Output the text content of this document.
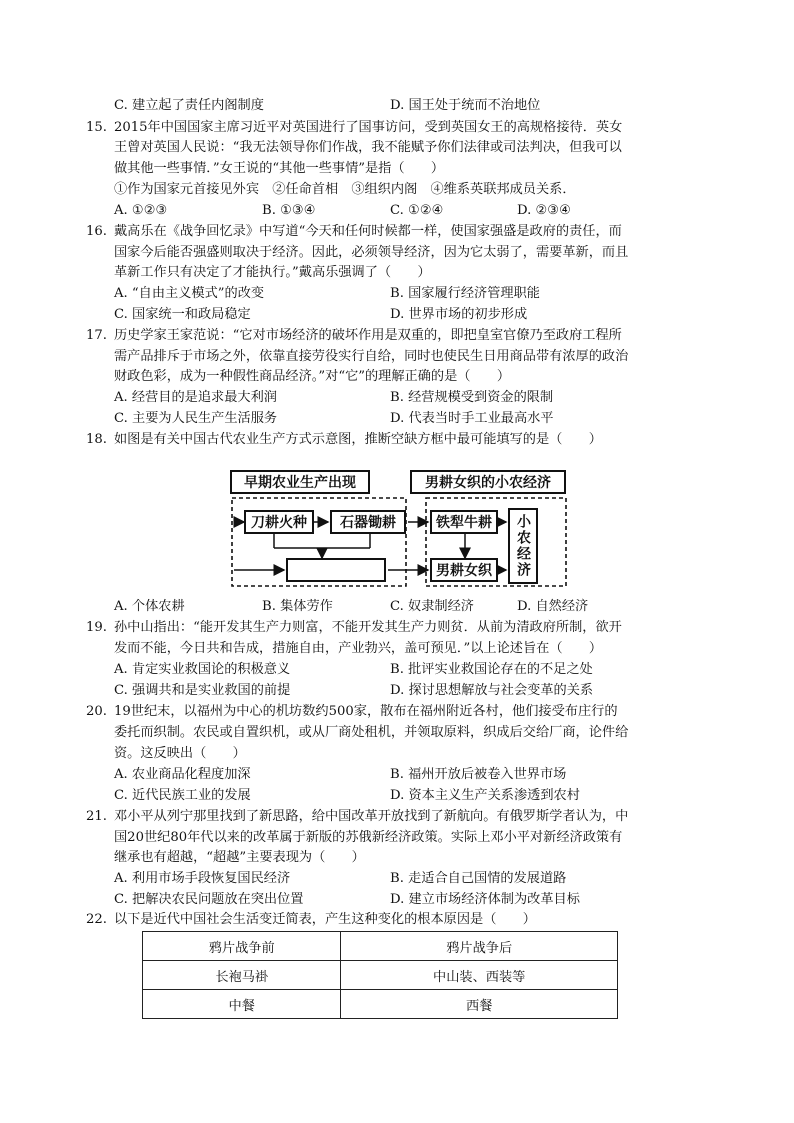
C. 建立起了责任内阁制度	D. 国王处于统而不治地位
15. 2015年中国国家主席习近平对英国进行了国事访问，受到英国女王的高规格接待．英女
王曾对英国人民说：“我无法领导你们作战，我不能赋予你们法律或司法判决，但我可以
做其他一些事情．”女王说的“其他一些事情”是指（　　）
①作为国家元首接见外宾　②任命首相　③组织内阁　④维系英联邦成员关系．
A. ①②③	B. ①③④	C. ①②④	D. ②③④
16. 戴高乐在《战争回忆录》中写道“今天和任何时候都一样，使国家强盛是政府的责任，而
国家今后能否强盛则取决于经济。因此，必须领导经济，因为它太弱了，需要革新，而且
革新工作只有决定了才能执行。”戴高乐强调了（　　）
A. “自由主义模式”的改变	B. 国家履行经济管理职能
C. 国家统一和政局稳定	D. 世界市场的初步形成
17. 历史学家王家范说：“它对市场经济的破坏作用是双重的，即把皇室官僚乃至政府工程所
需产品排斥于市场之外，依靠直接劳役实行自给，同时也使民生日用商品带有浓厚的政治
财政色彩，成为一种假性商品经济。”对“它”的理解正确的是（　　）
A. 经营目的是追求最大利润	B. 经营规模受到资金的限制
C. 主要为人民生产生活服务	D. 代表当时手工业最高水平
18. 如图是有关中国古代农业生产方式示意图，推断空缺方框中最可能填写的是（　　）
早期农业生产出现	男耕女织的小农经济
刀耕火种	石器锄耕	铁犁牛耕
男耕女织	小农经济
A. 个体农耕	B. 集体劳作	C. 奴隶制经济	D. 自然经济
19. 孙中山指出：“能开发其生产力则富，不能开发其生产力则贫．从前为清政府所制，欲开
发而不能，今日共和告成，措施自由，产业勃兴，盖可预见．”以上论述旨在（　　）
A. 肯定实业救国论的积极意义	B. 批评实业救国论存在的不足之处
C. 强调共和是实业救国的前提	D. 探讨思想解放与社会变革的关系
20. 19世纪末，以福州为中心的机坊数约500家，散布在福州附近各村，他们接受布庄行的
委托而织制。农民或自置织机，或从厂商处租机，并领取原料，织成后交给厂商，论件给
资。这反映出（　　）
A. 农业商品化程度加深	B. 福州开放后被卷入世界市场
C. 近代民族工业的发展	D. 资本主义生产关系渗透到农村
21. 邓小平从列宁那里找到了新思路，给中国改革开放找到了新航向。有俄罗斯学者认为，中
国20世纪80年代以来的改革属于新版的苏俄新经济政策。实际上邓小平对新经济政策有
继承也有超越，“超越”主要表现为（　　）
A. 利用市场手段恢复国民经济	B. 走适合自己国情的发展道路
C. 把解决农民问题放在突出位置	D. 建立市场经济体制为改革目标
22. 以下是近代中国社会生活变迁简表，产生这种变化的根本原因是（　　）
鸦片战争前	鸦片战争后
长袍马褂	中山装、西装等
中餐	西餐
